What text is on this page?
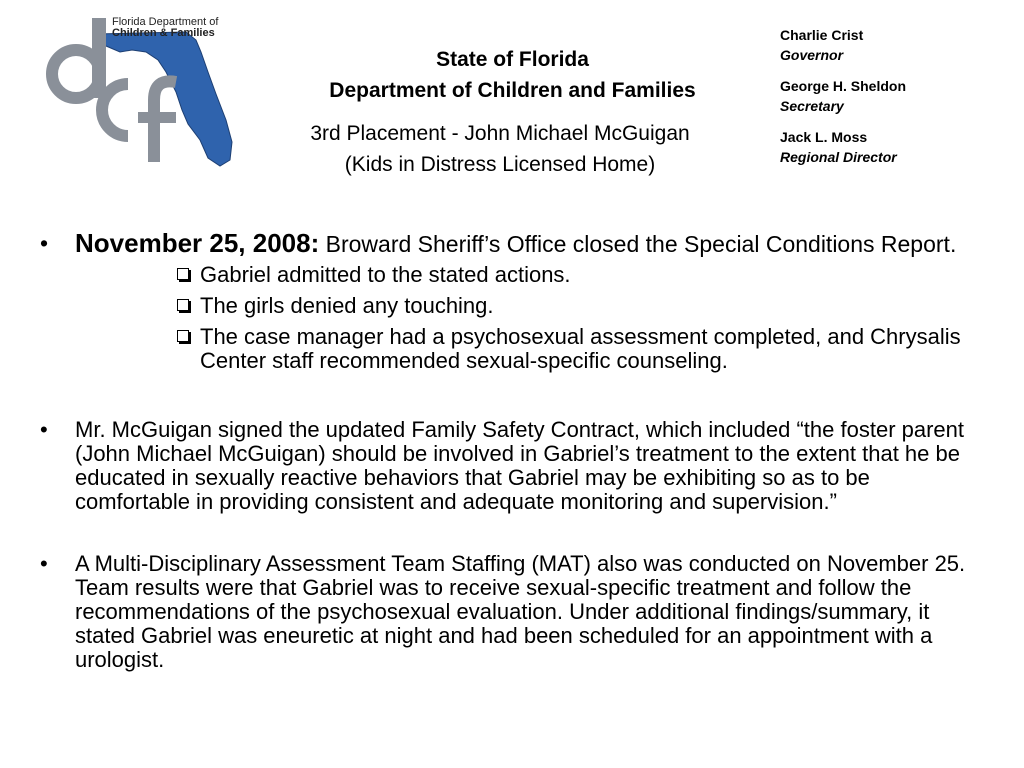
Florida Department of
Children & Families
State of Florida
Department of Children and Families
3rd Placement - John Michael McGuigan
(Kids in Distress Licensed Home)
Charlie Crist
Governor
George H. Sheldon
Secretary
Jack L. Moss
Regional Director
• November 25, 2008: Broward Sheriff’s Office closed the Special Conditions Report.
Gabriel admitted to the stated actions.
The girls denied any touching.
The case manager had a psychosexual assessment completed, and Chrysalis Center staff recommended sexual-specific counseling.
• Mr. McGuigan signed the updated Family Safety Contract, which included “the foster parent (John Michael McGuigan) should be involved in Gabriel’s treatment to the extent that he be educated in sexually reactive behaviors that Gabriel may be exhibiting so as to be comfortable in providing consistent and adequate monitoring and supervision.”
• A Multi-Disciplinary Assessment Team Staffing (MAT) also was conducted on November 25. Team results were that Gabriel was to receive sexual-specific treatment and follow the recommendations of the psychosexual evaluation. Under additional findings/summary, it stated Gabriel was eneuretic at night and had been scheduled for an appointment with a urologist.
